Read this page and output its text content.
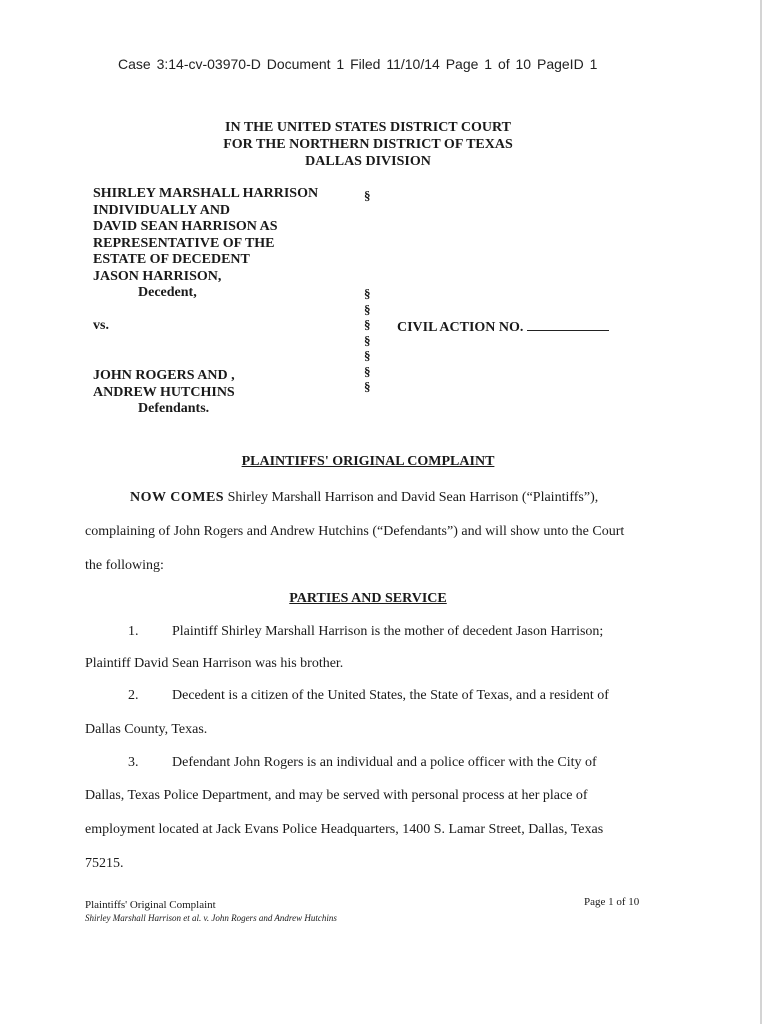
Case 3:14-cv-03970-D Document 1 Filed 11/10/14 Page 1 of 10 PageID 1
IN THE UNITED STATES DISTRICT COURT
FOR THE NORTHERN DISTRICT OF TEXAS
DALLAS DIVISION
SHIRLEY MARSHALL HARRISON
INDIVIDUALLY AND
DAVID SEAN HARRISON AS
REPRESENTATIVE OF THE
ESTATE OF DECEDENT
JASON HARRISON,
Decedent,
vs.
JOHN ROGERS AND ,
ANDREW HUTCHINS
Defendants.
§
§
§
§
§
§
§
§
CIVIL ACTION NO.
PLAINTIFFS' ORIGINAL COMPLAINT
NOW COMES Shirley Marshall Harrison and David Sean Harrison (“Plaintiffs”),
complaining of John Rogers and Andrew Hutchins (“Defendants”) and will show unto the Court
the following:
PARTIES AND SERVICE
1. Plaintiff Shirley Marshall Harrison is the mother of decedent Jason Harrison;
Plaintiff David Sean Harrison was his brother.
2. Decedent is a citizen of the United States, the State of Texas, and a resident of
Dallas County, Texas.
3. Defendant John Rogers is an individual and a police officer with the City of
Dallas, Texas Police Department, and may be served with personal process at her place of
employment located at Jack Evans Police Headquarters, 1400 S. Lamar Street, Dallas, Texas
75215.
Plaintiffs' Original Complaint
Shirley Marshall Harrison et al. v. John Rogers and Andrew Hutchins
Page 1 of 10
